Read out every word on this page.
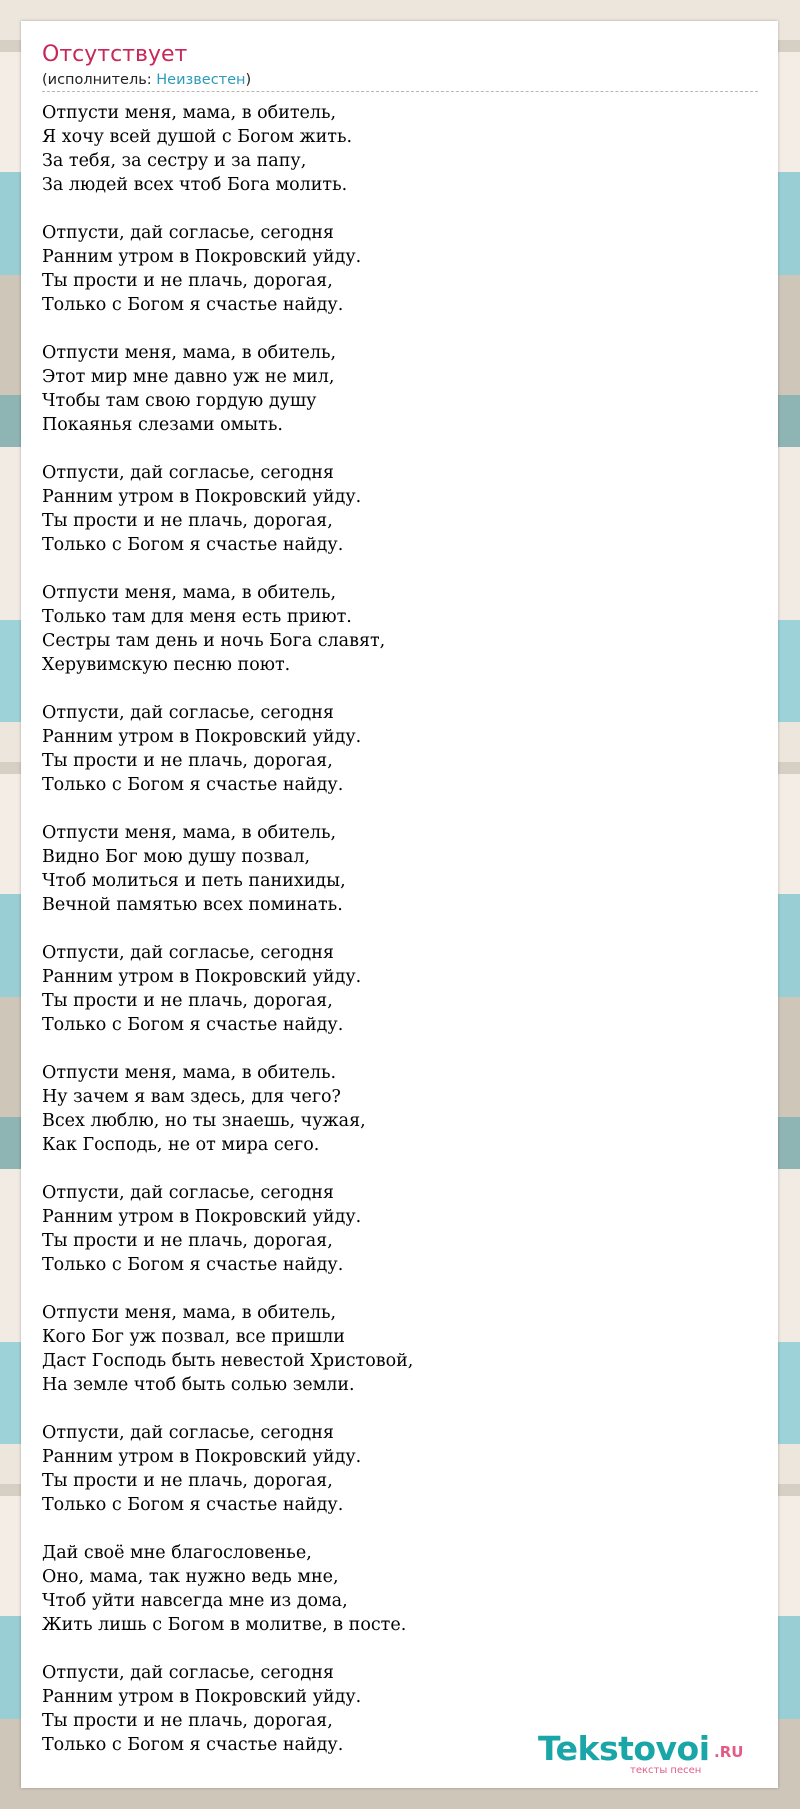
Отсутствует
(исполнитель: Неизвестен)
Отпусти меня, мама, в обитель,
Я хочу всей душой с Богом жить.
За тебя, за сестру и за папу,
За людей всех чтоб Бога молить.
Отпусти, дай согласье, сегодня
Ранним утром в Покровский уйду.
Ты прости и не плачь, дорогая,
Только с Богом я счастье найду.
Отпусти меня, мама, в обитель,
Этот мир мне давно уж не мил,
Чтобы там свою гордую душу
Покаянья слезами омыть.
Отпусти, дай согласье, сегодня
Ранним утром в Покровский уйду.
Ты прости и не плачь, дорогая,
Только с Богом я счастье найду.
Отпусти меня, мама, в обитель,
Только там для меня есть приют.
Сестры там день и ночь Бога славят,
Херувимскую песню поют.
Отпусти, дай согласье, сегодня
Ранним утром в Покровский уйду.
Ты прости и не плачь, дорогая,
Только с Богом я счастье найду.
Отпусти меня, мама, в обитель,
Видно Бог мою душу позвал,
Чтоб молиться и петь панихиды,
Вечной памятью всех поминать.
Отпусти, дай согласье, сегодня
Ранним утром в Покровский уйду.
Ты прости и не плачь, дорогая,
Только с Богом я счастье найду.
Отпусти меня, мама, в обитель.
Ну зачем я вам здесь, для чего?
Всех люблю, но ты знаешь, чужая,
Как Господь, не от мира сего.
Отпусти, дай согласье, сегодня
Ранним утром в Покровский уйду.
Ты прости и не плачь, дорогая,
Только с Богом я счастье найду.
Отпусти меня, мама, в обитель,
Кого Бог уж позвал, все пришли
Даст Господь быть невестой Христовой,
На земле чтоб быть солью земли.
Отпусти, дай согласье, сегодня
Ранним утром в Покровский уйду.
Ты прости и не плачь, дорогая,
Только с Богом я счастье найду.
Дай своё мне благословенье,
Оно, мама, так нужно ведь мне,
Чтоб уйти навсегда мне из дома,
Жить лишь с Богом в молитве, в посте.
Отпусти, дай согласье, сегодня
Ранним утром в Покровский уйду.
Ты прости и не плачь, дорогая,
Только с Богом я счастье найду.	Tekstovoi .RU
тексты песен
